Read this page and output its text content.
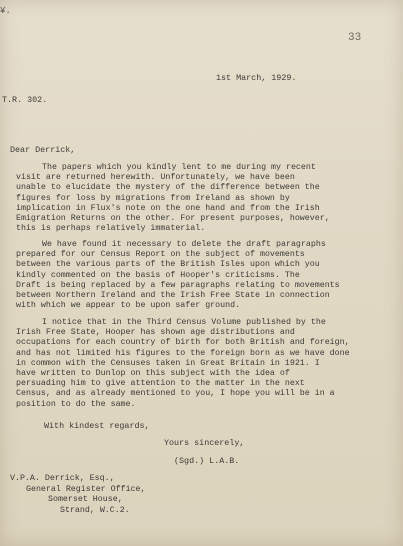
¥.
33
1st March, 1929.
T.R. 302.
Dear Derrick,
The papers which you kindly lent to me during my recent
visit are returned herewith. Unfortunately, we have been
unable to elucidate the mystery of the difference between the
figures for loss by migrations from Ireland as shown by
implication in Flux's note on the one hand and from the Irish
Emigration Returns on the other. For present purposes, however,
this is perhaps relatively immaterial.
We have found it necessary to delete the draft paragraphs
prepared for our Census Report on the subject of movements
between the various parts of the British Isles upon which you
kindly commented on the basis of Hooper's criticisms. The
Draft is being replaced by a few paragraphs relating to movements
between Northern Ireland and the Irish Free State in connection
with which we appear to be upon safer ground.
I notice that in the Third Census Volume published by the
Irish Free State, Hooper has shown age distributions and
occupations for each country of birth for both British and foreign,
and has not limited his figures to the foreign born as we have done
in common with the Censuses taken in Great Britain in 1921. I
have written to Dunlop on this subject with the idea of
persuading him to give attention to the matter in the next
Census, and as already mentioned to you, I hope you will be in a
position to do the same.
With kindest regards,
Yours sincerely,
(Sgd.) L.A.B.
V.P.A. Derrick, Esq.,
General Register Office,
Somerset House,
Strand, W.C.2.
